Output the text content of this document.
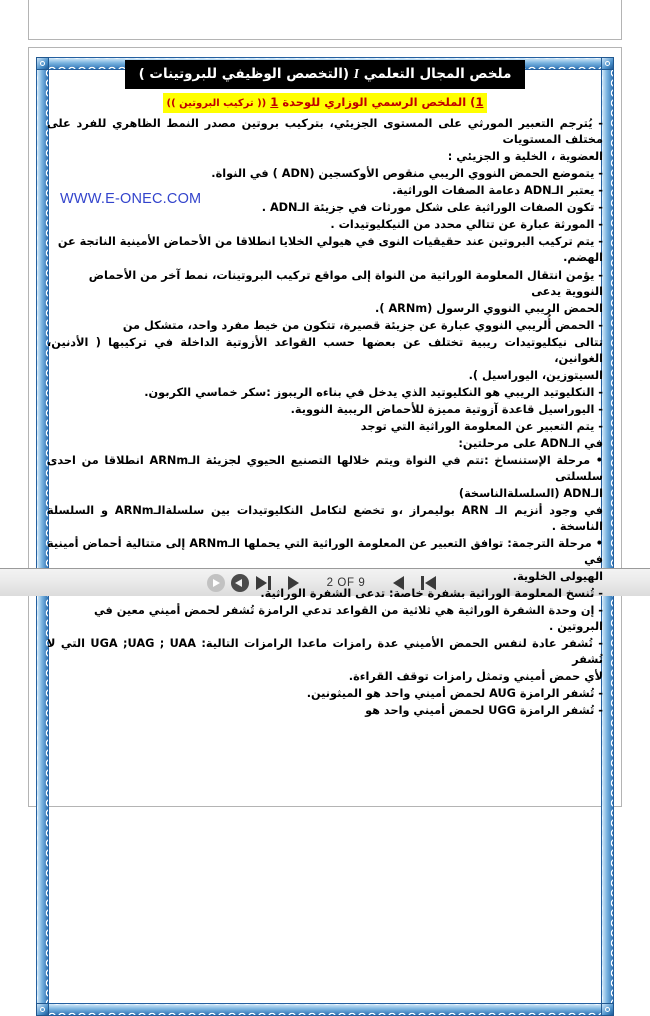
ملخص المجال التعلمي I (التخصص الوظيفي للبروتينات )
1) الملخص الرسمي الوزاري للوحدة 1 (( تركيب البروتين ))

- يُترجم التعبير المورثي على المستوى الجزيئي، بتركيب بروتين مصدر النمط الظاهري للفرد على مختلف المستويات

العضوية ، الخلية و الجزيئي :

- يتموضع الحمض النووي الريبي منقوص الأوكسجين (ADN ) في النواة.

- يعتبر الـADN دعامة الصفات الوراثية.

- تكون الصفات الوراثية على شكل مورثات في جزيئة الـADN .

- المورثة عبارة عن تتالي محدد من النيكليوتيدات .

- يتم تركيب البروتين عند حقيقيات النوى في هيولي الخلايا انطلاقا من الأحماض الأمينية الناتجة عن الهضم.

- يؤمن انتقال المعلومة الوراثية من النواة إلى مواقع تركيب البروتينات، نمط آخر من الأحماض النووية يدعى

الحمض الريبي النووي الرسول (ARNm ).

- الحمض أُلريبي النووي عبارة عن جزيئة قصيرة، تتكون من خيط مفرد واحد، متشكل من

تتالى نيكليوتيدات ريبية تختلف عن بعضها حسب القواعد الأزوتية الداخلة في تركيبها ( الأدنين، الغوانين،

السيتوزين، اليوراسيل ).

- النكليوتيد الريبي هو النكليوتيد الذي يدخل في بناءه الريبوز :سكر خماسي الكربون.

- اليوراسيل قاعدة آزوتية مميزة للأحماض الريبية النووية.

- يتم التعبير عن المعلومة الوراثية التي توجد

في الـADN على مرحلتين:

• مرحلة الإستنساخ :تتم في النواة ويتم خلالها التصنيع الحيوي لجزيئة الـARNm انطلاقا من احدى سلسلتى

الـADN (السلسلةالناسخة)

في وجود أنزيم الـ ARN بوليمراز ،و تخضع لتكامل النكليوتيدات بين سلسلةالـARNm و السلسلة الناسخة .

• مرحلة الترجمة: توافق التعبير عن المعلومة الوراثية التي يحملها الـARNm إلى متتالية أحماض أمينية في

الهيولى الخلوية.

- تُنسخ المعلومة الوراثية بشفرة خاصة: تدعى الشفرة الوراثية.

- إن وحدة الشفرة الوراثية هي ثلاثية من القواعد تدعي الرامزة تُشفر لحمض أميني معين في البروتين .

- تُشفر عادة لنفس الحمض الأميني عدة رامزات ماعدا الرامزات التالية: UGA ;UAG ; UAA التي لا تُشفر

لأي حمض أميني وتمثل رامزات توقف القراءة.

- تُشفر الرامزة AUG لحمض أميني واحد هو الميثونين.

- تُشفر الرامزة UGG لحمض أميني واحد هو

WWW.E-ONEC.COM
2 OF 9
